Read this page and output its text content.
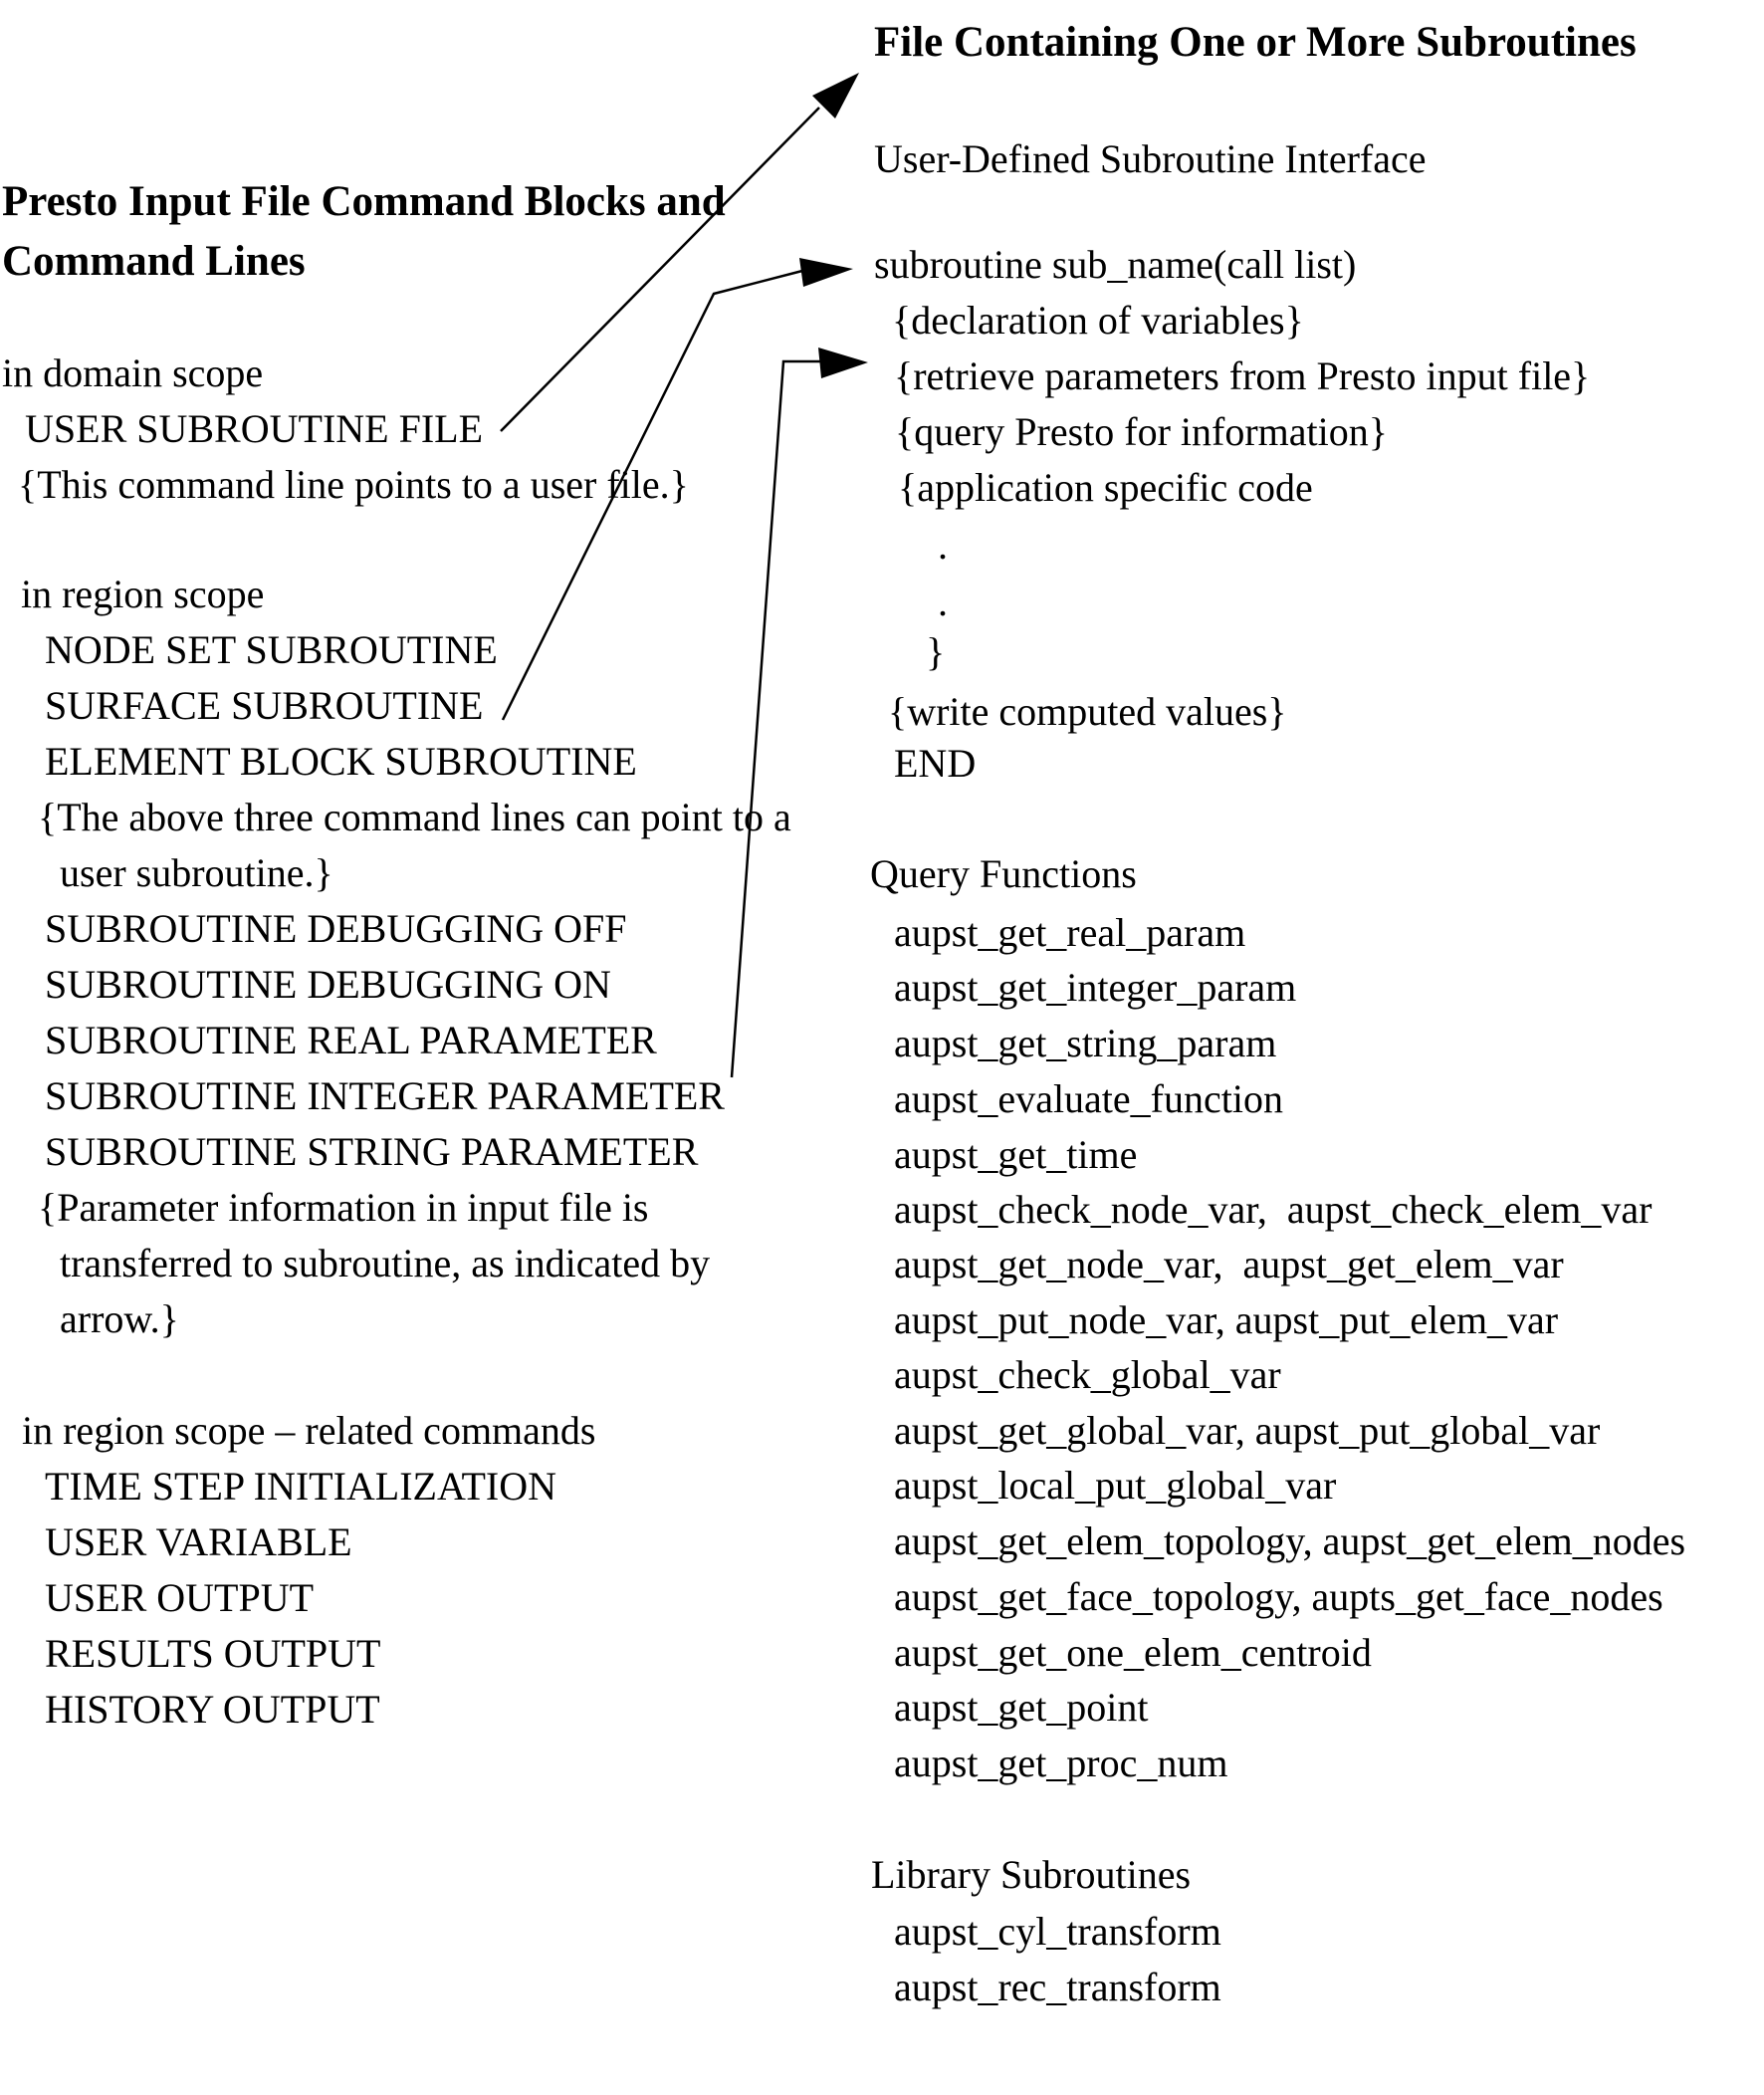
Presto Input File Command Blocks and
Command Lines
in domain scope
USER SUBROUTINE FILE
{This command line points to a user file.}
in region scope
NODE SET SUBROUTINE
SURFACE SUBROUTINE
ELEMENT BLOCK SUBROUTINE
{The above three command lines can point to a
user subroutine.}
SUBROUTINE DEBUGGING OFF
SUBROUTINE DEBUGGING ON
SUBROUTINE REAL PARAMETER
SUBROUTINE INTEGER PARAMETER
SUBROUTINE STRING PARAMETER
{Parameter information in input file is
transferred to subroutine, as indicated by
arrow.}
in region scope – related commands
TIME STEP INITIALIZATION
USER VARIABLE
USER OUTPUT
RESULTS OUTPUT
HISTORY OUTPUT
File Containing One or More Subroutines
User-Defined Subroutine Interface
subroutine sub_name(call list)
{declaration of variables}
{retrieve parameters from Presto input file}
{query Presto for information}
{application specific code
.
.
}
{write computed values}
END
Query Functions
aupst_get_real_param
aupst_get_integer_param
aupst_get_string_param
aupst_evaluate_function
aupst_get_time
aupst_check_node_var,  aupst_check_elem_var
aupst_get_node_var,  aupst_get_elem_var
aupst_put_node_var, aupst_put_elem_var
aupst_check_global_var
aupst_get_global_var, aupst_put_global_var
aupst_local_put_global_var
aupst_get_elem_topology, aupst_get_elem_nodes
aupst_get_face_topology, aupts_get_face_nodes
aupst_get_one_elem_centroid
aupst_get_point
aupst_get_proc_num
Library Subroutines
aupst_cyl_transform
aupst_rec_transform
